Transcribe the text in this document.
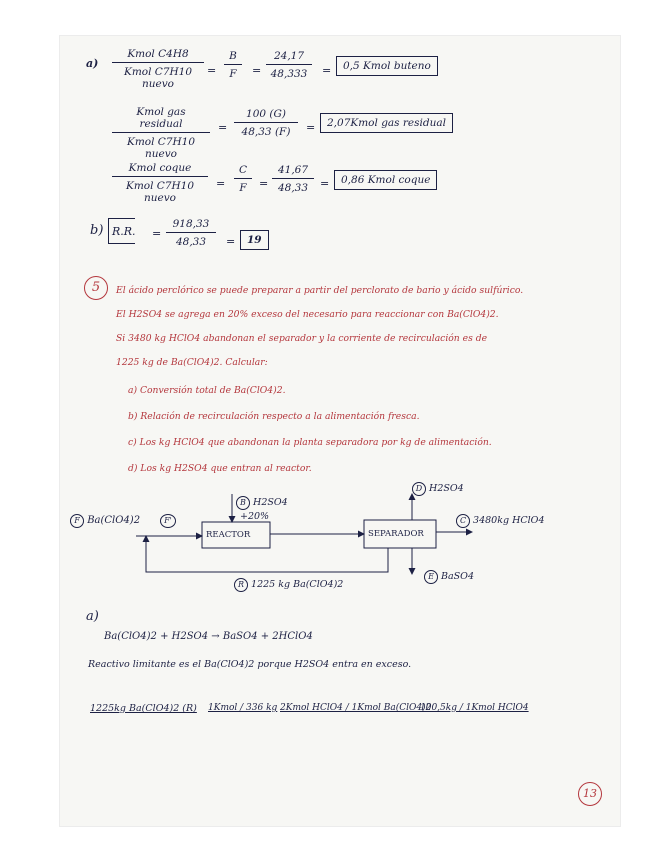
a)
Kmol C4H8
Kmol C7H10 nuevo
= $\frac{B}{F} = \frac{24,17}{48,333}$ =	0,5 Kmol buteno
Kmol gas residual
Kmol C7H10 nuevo
= $\frac{100 (G)}{48,33 (F)}$ =	2,07Kmol gas residual
Kmol coque
Kmol C7H10 nuevo
= $\frac{C}{F} = \frac{41,67}{48,33}$ =	0,86 Kmol coque
b) R.R. = $\frac{918,33}{48,33}$ =	19
5	El ácido perclórico se puede preparar a partir del perclorato de bario y ácido sulfúrico.
El H2SO4 se agrega en 20% exceso del necesario para reaccionar con Ba(ClO4)2.
Si 3480 kg HClO4 abandonan el separador y la corriente de recirculación es de
1225 kg de Ba(ClO4)2. Calcular:
a) Conversión total de Ba(ClO4)2.
b) Relación de recirculación respecto a la alimentación fresca.
c) Los kg HClO4 que abandonan la planta separadora por kg de alimentación.
d) Los kg H2SO4 que entran al reactor.
F Ba(ClO4)2	F'
B H2SO4
+20%
REACTOR	SEPARADOR
D H2SO4
C 3480kg HClO4
E BaSO4
R 1225 kg Ba(ClO4)2
a)
Ba(ClO4)2 + H2SO4 → BaSO4 + 2HClO4
Reactivo limitante es el Ba(ClO4)2 porque H2SO4 entra en exceso.
1225kg Ba(ClO4)2 (R) 1Kmol / 336 kg 2Kmol HClO4 / 1Kmol Ba(ClO4)2
100,5kg / 1Kmol HClO4
13
